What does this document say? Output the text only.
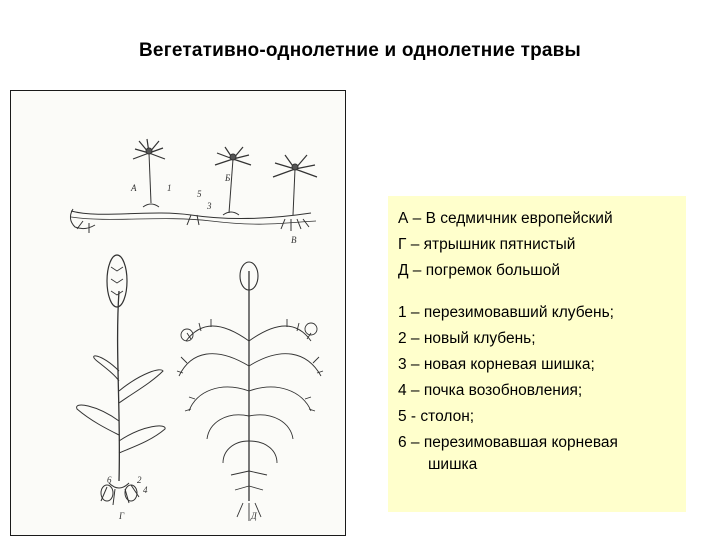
Вегетативно-однолетние и однолетние травы
А
Б
В
1
5
3
6	2
4
Г	Д
А – В седмичник европейский
Г – ятрышник пятнистый
Д – погремок большой
1 – перезимовавший клубень;
2 – новый клубень;
3 – новая корневая шишка;
4 – почка возобновления;
5 - столон;
6 – перезимовавшая корневая
шишка
